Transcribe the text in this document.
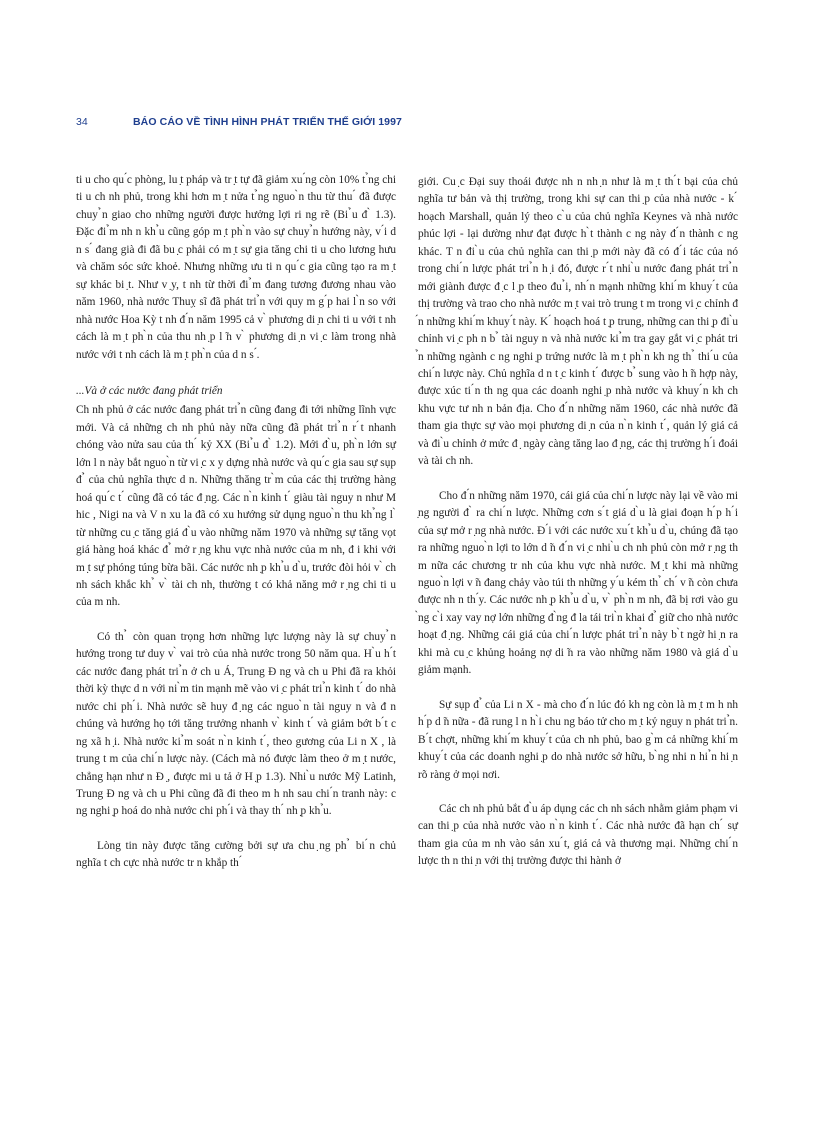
34	BÁO CÁO VỀ TÌNH HÌNH PHÁT TRIỂN THẾ GIỚI 1997

ti u cho qu ́c phòng, lu ̣t pháp và tr ̣t tự đã giảm xu ́ng còn 10% t ̉ng chi ti u ch nh phủ, trong khi hơn m ̣t nửa t ̉ng nguo ̀n thu từ thu ́ đã được chuy ̉n giao cho những người được hưởng lợi ri ng rẽ (Bi ̉u đ ̀ 1.3). Đặc đi ̉m nh n kh ̉u cũng góp m ̣t ph ̀n vào sự chuy ̉n hướng này, v ́i d n s ́ đang già đi đã bu ̣c phải có m ̣t sự gia tăng chi ti u cho lương hưu và chăm sóc sức khoẻ. Nhưng những ưu ti n qu ́c gia cũng tạo ra m ̣t sự khác bi ̣t. Như v ̣y, t nh từ thời đi ̉m đang tương đương nhau vào năm 1960, nhà nước Thuỵ sĩ đã phát tri ̉n với quy m g ́p hai l ̀n so với nhà nước Hoa Kỳ t nh đ ́n năm 1995 cả v ̀ phương di ̣n chi ti u với t nh cách là m ̣t ph ̀n của thu nh ̣p l ̃n v ̀ phương di ̣n vi ̣c làm trong nhà nước với t nh cách là m ̣t ph ̀n của d n s ́.

...Và ở các nước đang phát triển

Ch nh phủ ở các nước đang phát tri ̉n cũng đang đi tới những lĩnh vực mới. Và cả những ch nh phủ này nữa cũng đã phát tri ̉n r ́t nhanh chóng vào nửa sau của th ́ kỷ XX (Bi ̉u đ ̀ 1.2). Mới đ ̀u, ph ̀n lớn sự lớn l n này bắt nguo ̀n từ vi ̣c x y dựng nhà nước và qu ́c gia sau sự sụp đ ̉ của chủ nghĩa thực d n. Những thăng tr ̀m của các thị trường hàng hoá qu ́c t ́ cũng đã có tác đ ̣ng. Các n ̀n kinh t ́ giàu tài nguy n như M hic , Nigi na và V n xu la đã có xu hướng sử dụng nguo ̀n thu kh ̉ng l ̀ từ những cu ̣c tăng giá đ ̀u vào những năm 1970 và những sự tăng vọt giá hàng hoá khác đ ̉ mở r ̣ng khu vực nhà nước của m nh, đ i khi với m ̣t sự phóng túng bừa bãi. Các nước nh ̣p kh ̉u d ̀u, trước đòi hỏi v ̀ ch nh sách khắc kh ̉ v ̀ tài ch nh, thường t có khả năng mở r ̣ng chi ti u của m nh.

Có th ̉ còn quan trọng hơn những lực lượng này là sự chuy ̉n hướng trong tư duy v ̀ vai trò của nhà nước trong 50 năm qua. H ̀u h ́t các nước đang phát tri ̉n ở ch u Á, Trung Đ ng và ch u Phi đã ra khỏi thời kỳ thực d n với ni ̀m tin mạnh mẽ vào vi ̣c phát tri ̉n kinh t ́ do nhà nước chi ph ́i. Nhà nước sẽ huy đ ̣ng các nguo ̀n tài nguy n và đ n chúng và hướng họ tới tăng trưởng nhanh v ̀ kinh t ́ và giảm bớt b ́t c ng xã h ̣i. Nhà nước ki ̉m soát n ̀n kinh t ́, theo gương của Li n X , là trung t m của chi ́n lược này. (Cách mà nó được làm theo ở m ̣t nước, chẳng hạn như n Đ ̣, được mi u tả ở H ̣p 1.3). Nhi ̀u nước Mỹ Latinh, Trung Đ ng và ch u Phi cũng đã đi theo m h nh sau chi ́n tranh này: c ng nghi ̣p hoá do nhà nước chi ph ́i và thay th ́ nh ̣p kh ̉u.

Lòng tin này được tăng cường bởi sự ưa chu ̣ng ph ̉ bi ́n chủ nghĩa t ch cực nhà nước tr n khắp th ́

giới. Cu ̣c Đại suy thoái được nh n nh ̣n như là m ̣t th ́t bại của chủ nghĩa tư bản và thị trường, trong khi sự can thi ̣p của nhà nước - k ́ hoạch Marshall, quản lý theo c ̀u của chủ nghĩa Keynes và nhà nước phúc lợi - lại dường như đạt được h ̀t thành c ng này đ ́n thành c ng khác. T n đi ̀u của chủ nghĩa can thi ̣p mới này đã có đ ́i tác của nó trong chi ́n lược phát tri ̉n h ̣i đó, được r ́t nhi ̀u nước đang phát tri ̉n mới giành được đ ̣c l ̣p theo đu ̉i, nh ́n mạnh những khi ́m khuy ́t của thị trường và trao cho nhà nước m ̣t vai trò trung t m trong vi ̣c chỉnh đ ́n những khi ́m khuy ́t này. K ́ hoạch hoá t ̣p trung, những can thi ̣p đi ̀u chỉnh vi ̣c ph n b ̉ tài nguy n và nhà nước ki ̉m tra gay gắt vi ̣c phát tri ̉n những ngành c ng nghi ̣p trứng nước là m ̣t ph ̀n kh ng th ̉ thi ́u của chi ́n lược này. Chủ nghĩa d n t ̣c kinh t ́ được b ̉ sung vào h ̃n hợp này, được xúc ti ́n th ng qua các doanh nghi ̣p nhà nước và khuy ́n kh ch khu vực tư nh n bản địa. Cho đ ́n những năm 1960, các nhà nước đã tham gia thực sự vào mọi phương di ̣n của n ̀n kinh t ́, quản lý giá cả và đi ̀u chỉnh ở mức đ ̣ ngày càng tăng lao đ ̣ng, các thị trường h ́i đoái và tài ch nh.

Cho đ ́n những năm 1970, cái giá của chi ́n lược này lại về vào mi ̣ng người đ ̀ ra chi ́n lược. Những cơn s ́t giá d ̀u là giai đoạn h ́p h ́i của sự mở r ̣ng nhà nước. Đ ́i với các nước xu ́t kh ̉u d ̀u, chúng đã tạo ra những nguo ̀n lợi to lớn d ̃n đ ́n vi ̣c nhi ̀u ch nh phủ còn mở r ̣ng th m nữa các chương tr nh của khu vực nhà nước. M ̣t khi mà những nguo ̀n lợi v ̃n đang chảy vào túi th những y ́u kém th ̉ ch ́ v ̃n còn chưa được nh n th ́y. Các nước nh ̣p kh ̉u d ̀u, v ̀ ph ̀n m nh, đã bị rơi vào gu ̀ng c ̀i xay vay nợ lớn những đ ̀ng đ la tái tri ̀n khai đ ̉ giữ cho nhà nước hoạt đ ̣ng. Những cái giá của chi ́n lược phát tri ̉n này b ̀t ngờ hi ̣n ra khi mà cu ̣c khủng hoảng nợ di ̃n ra vào những năm 1980 và giá d ̀u giảm mạnh.

Sự sụp đ ̉ của Li n X - mà cho đ ́n lúc đó kh ng còn là m ̣t m h nh h ́p d ̃n nữa - đã rung l n h ̀i chu ng báo tử cho m ̣t kỷ nguy n phát tri ̉n. B ́t chợt, những khi ́m khuy ́t của ch nh phủ, bao g ̀m cả những khi ́m khuy ́t của các doanh nghi ̣p do nhà nước sở hữu, b ̀ng nhi n hi ̉n hi ̣n rõ ràng ở mọi nơi.

Các ch nh phủ bắt đ ̀u áp dụng các ch nh sách nhằm giảm phạm vi can thi ̣p của nhà nước vào n ̀n kinh t ́. Các nhà nước đã hạn ch ́ sự tham gia của m nh vào sản xu ́t, giá cả và thương mại. Những chi ́n lược th n thi ̣n với thị trường được thi hành ở
